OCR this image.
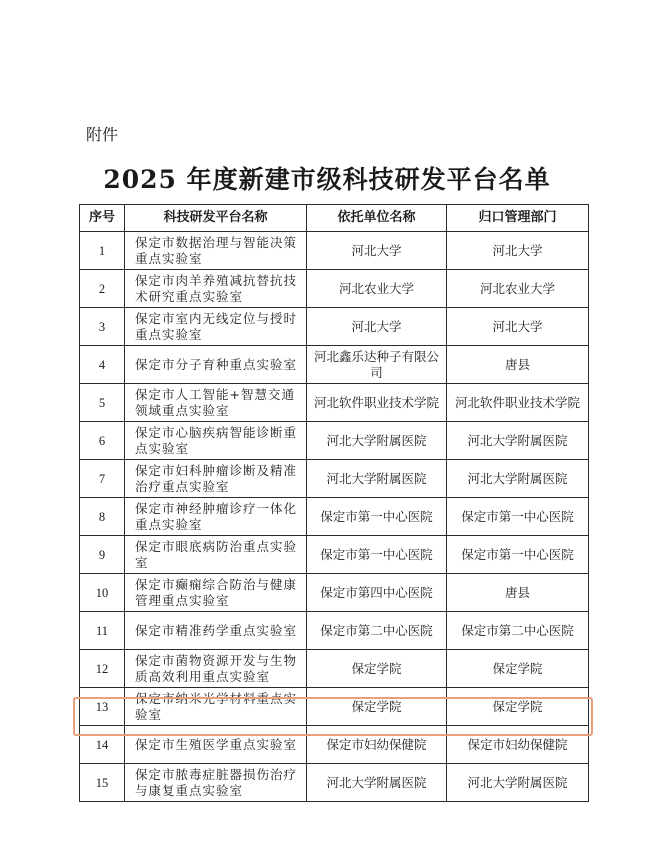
附件
2025 年度新建市级科技研发平台名单
序号	科技研发平台名称	依托单位名称	归口管理部门
1	保定市数据治理与智能决策重点实验室	河北大学	河北大学
2	保定市肉羊养殖减抗替抗技术研究重点实验室	河北农业大学	河北农业大学
3	保定市室内无线定位与授时重点实验室	河北大学	河北大学
4	保定市分子育种重点实验室	河北鑫乐达种子有限公司	唐县
5	保定市人工智能+智慧交通领域重点实验室	河北软件职业技术学院	河北软件职业技术学院
6	保定市心脑疾病智能诊断重点实验室	河北大学附属医院	河北大学附属医院
7	保定市妇科肿瘤诊断及精准治疗重点实验室	河北大学附属医院	河北大学附属医院
8	保定市神经肿瘤诊疗一体化重点实验室	保定市第一中心医院	保定市第一中心医院
9	保定市眼底病防治重点实验室	保定市第一中心医院	保定市第一中心医院
10	保定市癫痫综合防治与健康管理重点实验室	保定市第四中心医院	唐县
11	保定市精准药学重点实验室	保定市第二中心医院	保定市第二中心医院
12	保定市菌物资源开发与生物质高效利用重点实验室	保定学院	保定学院
13	保定市纳米光学材料重点实验室	保定学院	保定学院
14	保定市生殖医学重点实验室	保定市妇幼保健院	保定市妇幼保健院
15	保定市脓毒症脏器损伤治疗与康复重点实验室	河北大学附属医院	河北大学附属医院
